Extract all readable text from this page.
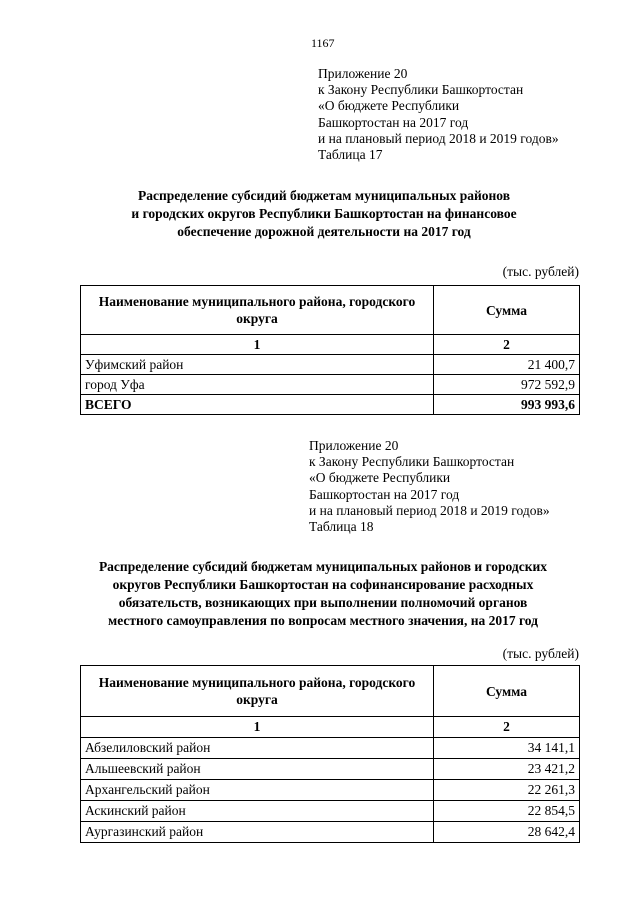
1167
Приложение 20
к Закону Республики Башкортостан
«О бюджете Республики
Башкортостан на 2017 год
и на плановый период 2018 и 2019 годов»
Таблица 17
Распределение субсидий бюджетам муниципальных районов
и городских округов Республики Башкортостан на финансовое
обеспечение дорожной деятельности на 2017 год
(тыс. рублей)
Наименование муниципального района, городского округа	Сумма
1	2
Уфимский район	21 400,7
город Уфа	972 592,9
ВСЕГО	993 993,6
Приложение 20
к Закону Республики Башкортостан
«О бюджете Республики
Башкортостан на 2017 год
и на плановый период 2018 и 2019 годов»
Таблица 18
Распределение субсидий бюджетам муниципальных районов и городских
округов Республики Башкортостан на софинансирование расходных
обязательств, возникающих при выполнении полномочий органов
местного самоуправления по вопросам местного значения, на 2017 год
(тыс. рублей)
Наименование муниципального района, городского округа	Сумма
1	2
Абзелиловский район	34 141,1
Альшеевский район	23 421,2
Архангельский район	22 261,3
Аскинский район	22 854,5
Аургазинский район	28 642,4
